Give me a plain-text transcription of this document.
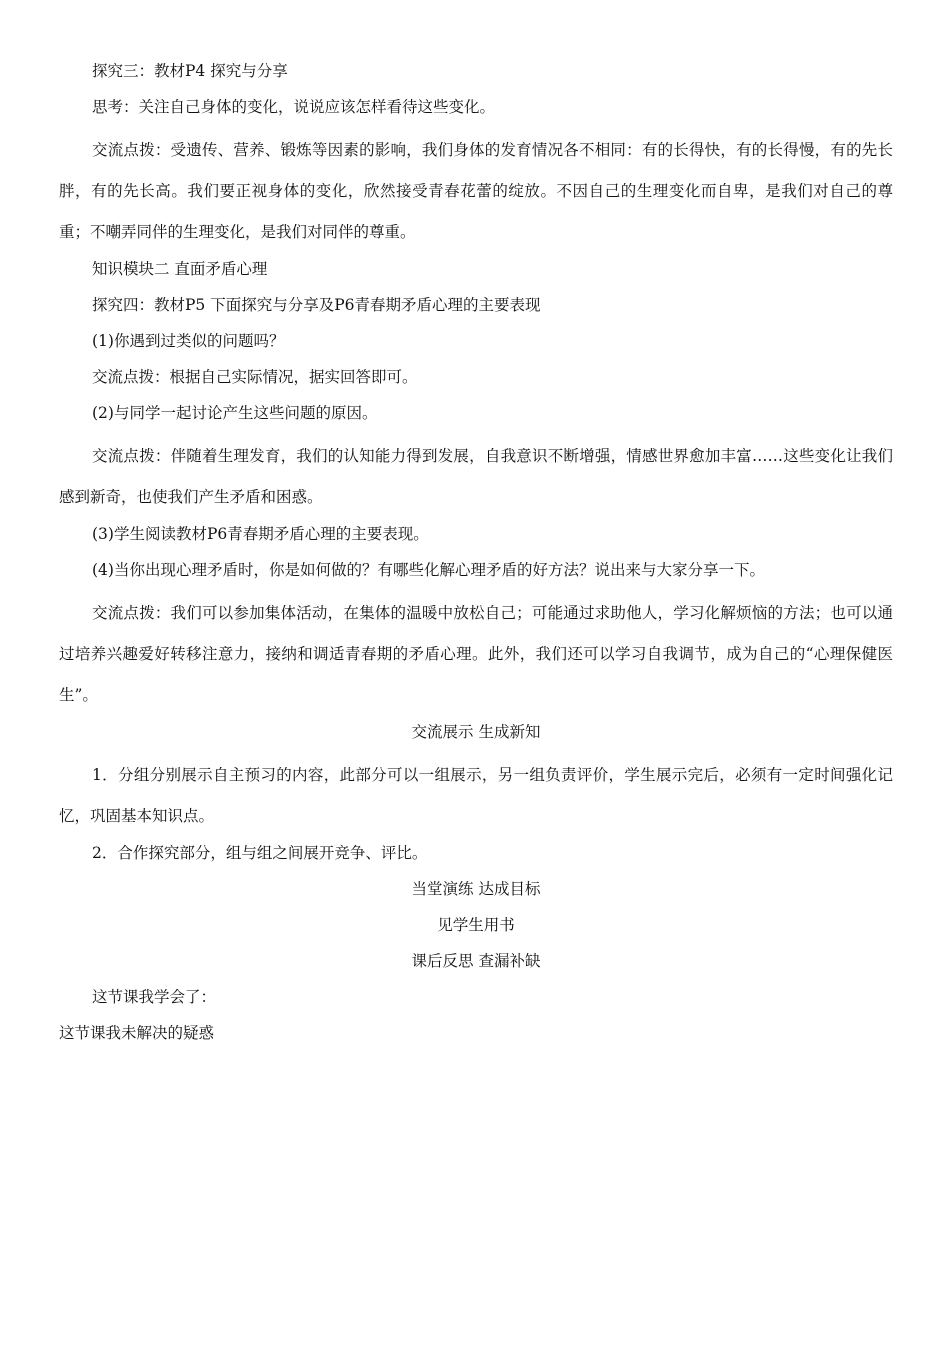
探究三：教材P4 探究与分享

思考：关注自己身体的变化，说说应该怎样看待这些变化。

交流点拨：受遗传、营养、锻炼等因素的影响，我们身体的发育情况各不相同：有的长得快，有的长得慢，有的先长胖，有的先长高。我们要正视身体的变化，欣然接受青春花蕾的绽放。不因自己的生理变化而自卑，是我们对自己的尊重；不嘲弄同伴的生理变化，是我们对同伴的尊重。

知识模块二 直面矛盾心理

探究四：教材P5 下面探究与分享及P6青春期矛盾心理的主要表现

(1)你遇到过类似的问题吗？

交流点拨：根据自己实际情况，据实回答即可。

(2)与同学一起讨论产生这些问题的原因。

交流点拨：伴随着生理发育，我们的认知能力得到发展，自我意识不断增强，情感世界愈加丰富……这些变化让我们感到新奇，也使我们产生矛盾和困惑。

(3)学生阅读教材P6青春期矛盾心理的主要表现。

(4)当你出现心理矛盾时，你是如何做的？有哪些化解心理矛盾的好方法？说出来与大家分享一下。

交流点拨：我们可以参加集体活动，在集体的温暖中放松自己；可能通过求助他人，学习化解烦恼的方法；也可以通过培养兴趣爱好转移注意力，接纳和调适青春期的矛盾心理。此外，我们还可以学习自我调节，成为自己的“心理保健医生”。

交流展示 生成新知

1．分组分别展示自主预习的内容，此部分可以一组展示，另一组负责评价，学生展示完后，必须有一定时间强化记忆，巩固基本知识点。

2．合作探究部分，组与组之间展开竞争、评比。

当堂演练 达成目标

见学生用书

课后反思 查漏补缺

这节课我学会了：

这节课我未解决的疑惑
